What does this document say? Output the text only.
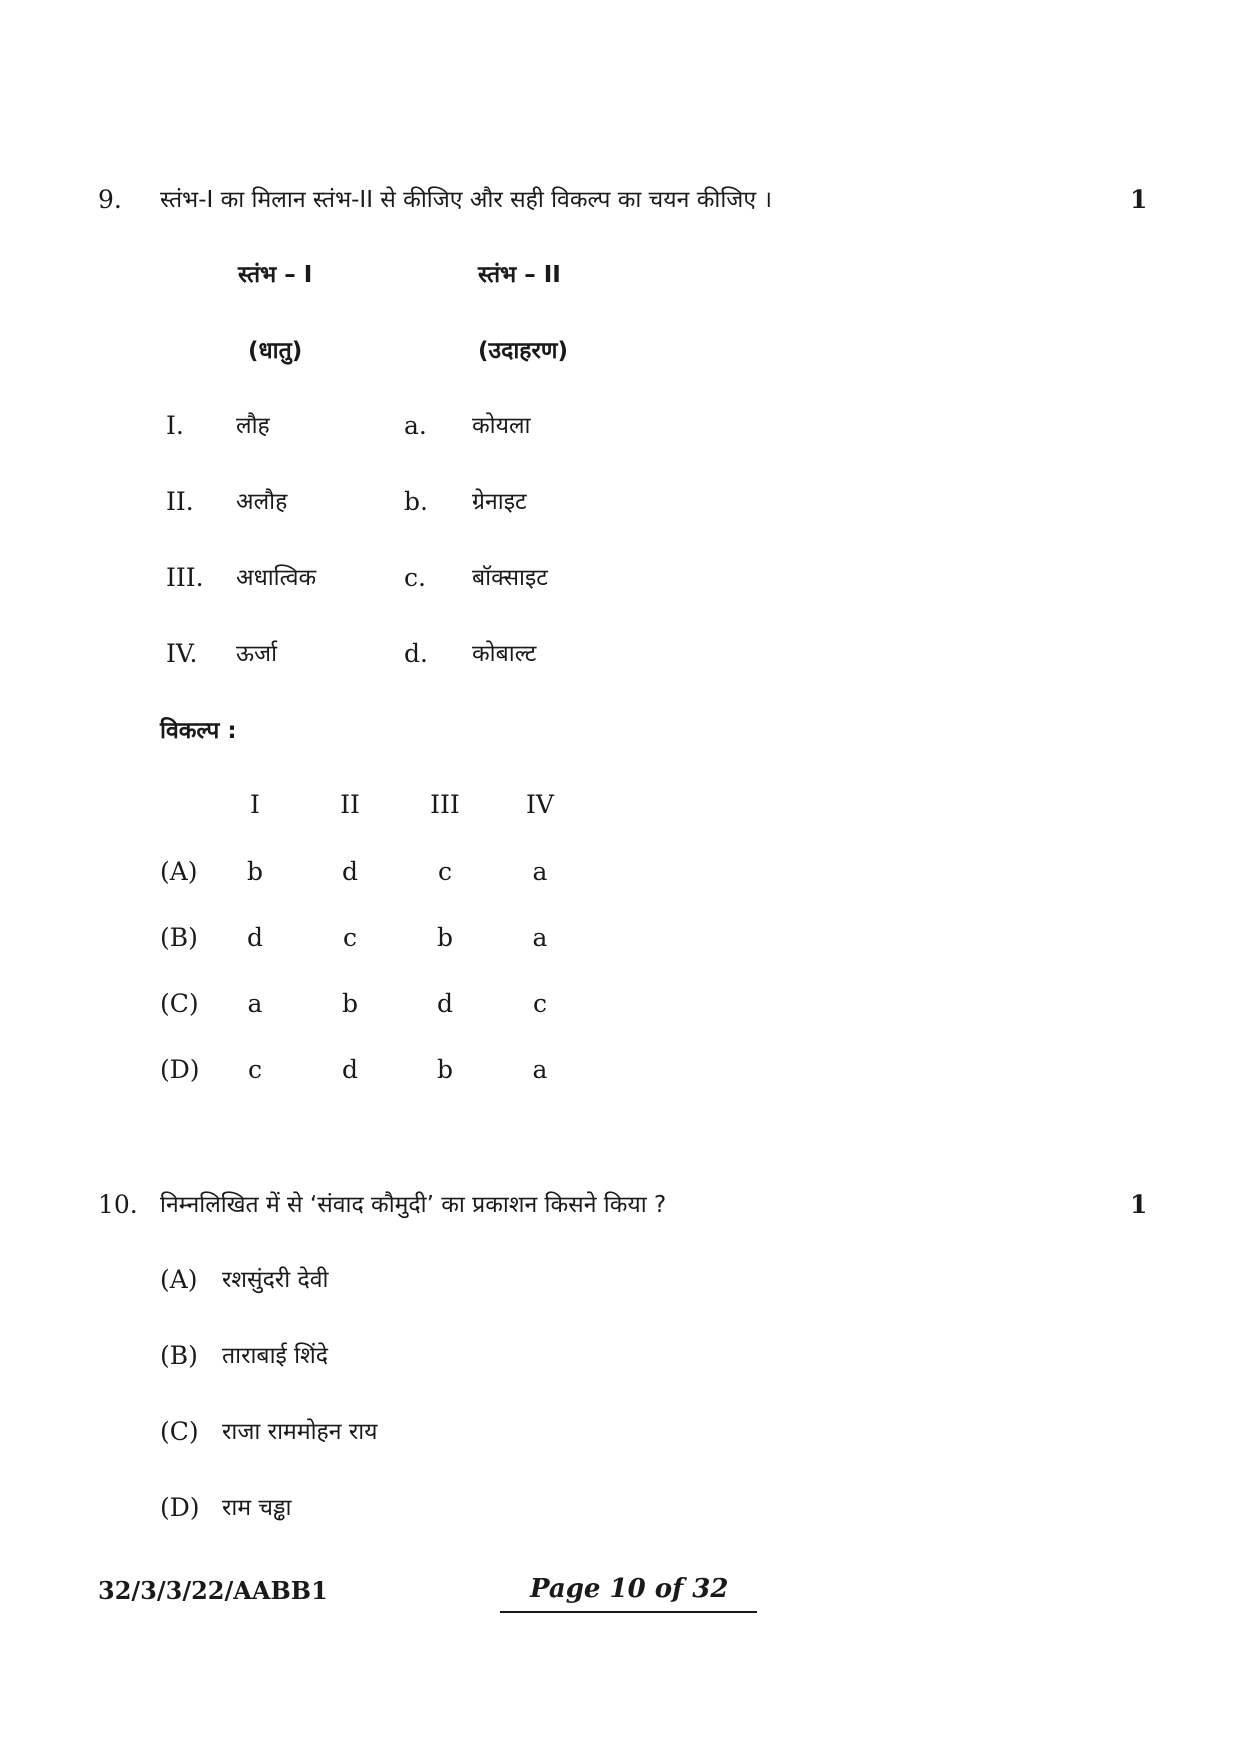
9. स्तंभ-I का मिलान स्तंभ-II से कीजिए और सही विकल्प का चयन कीजिए ।	1
स्तंभ – I	स्तंभ – II
(धातु)	(उदाहरण)
I. लौह	a. कोयला
II. अलौह	b. ग्रेनाइट
III. अधात्विक	c. बॉक्साइट
IV. ऊर्जा	d. कोबाल्ट
विकल्प :
I	II	III	IV
(A)	b	d	c	a
(B)	d	c	b	a
(C)	a	b	d	c
(D)	c	d	b	a
10. निम्नलिखित में से ‘संवाद कौमुदी’ का प्रकाशन किसने किया ?	1
(A) रशसुंदरी देवी
(B) ताराबाई शिंदे
(C) राजा राममोहन राय
(D) राम चड्ढा
32/3/3/22/AABB1	Page 10 of 32
